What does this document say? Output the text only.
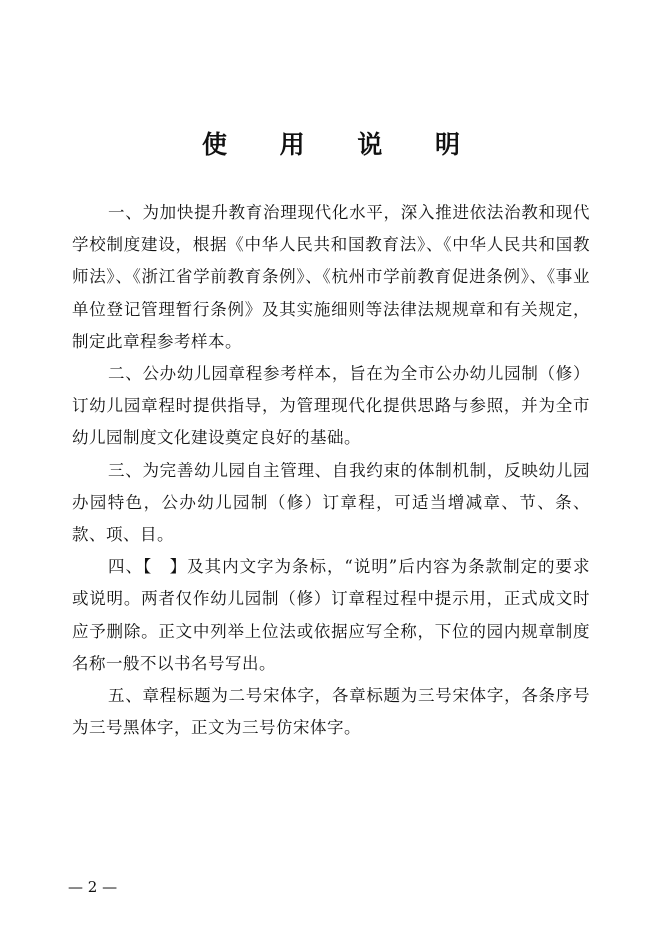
使 用 说 明

一、为加快提升教育治理现代化水平，深入推进依法治教和现代学校制度建设，根据《中华人民共和国教育法》、《中华人民共和国教师法》、《浙江省学前教育条例》、《杭州市学前教育促进条例》、《事业单位登记管理暂行条例》及其实施细则等法律法规规章和有关规定，制定此章程参考样本。

二、公办幼儿园章程参考样本，旨在为全市公办幼儿园制（修）订幼儿园章程时提供指导，为管理现代化提供思路与参照，并为全市幼儿园制度文化建设奠定良好的基础。

三、为完善幼儿园自主管理、自我约束的体制机制，反映幼儿园办园特色，公办幼儿园制（修）订章程，可适当增减章、节、条、款、项、目。

四、【　】及其内文字为条标，“说明”后内容为条款制定的要求或说明。两者仅作幼儿园制（修）订章程过程中提示用，正式成文时应予删除。正文中列举上位法或依据应写全称，下位的园内规章制度名称一般不以书名号写出。

五、章程标题为二号宋体字，各章标题为三号宋体字，各条序号为三号黑体字，正文为三号仿宋体字。

— 2 —
